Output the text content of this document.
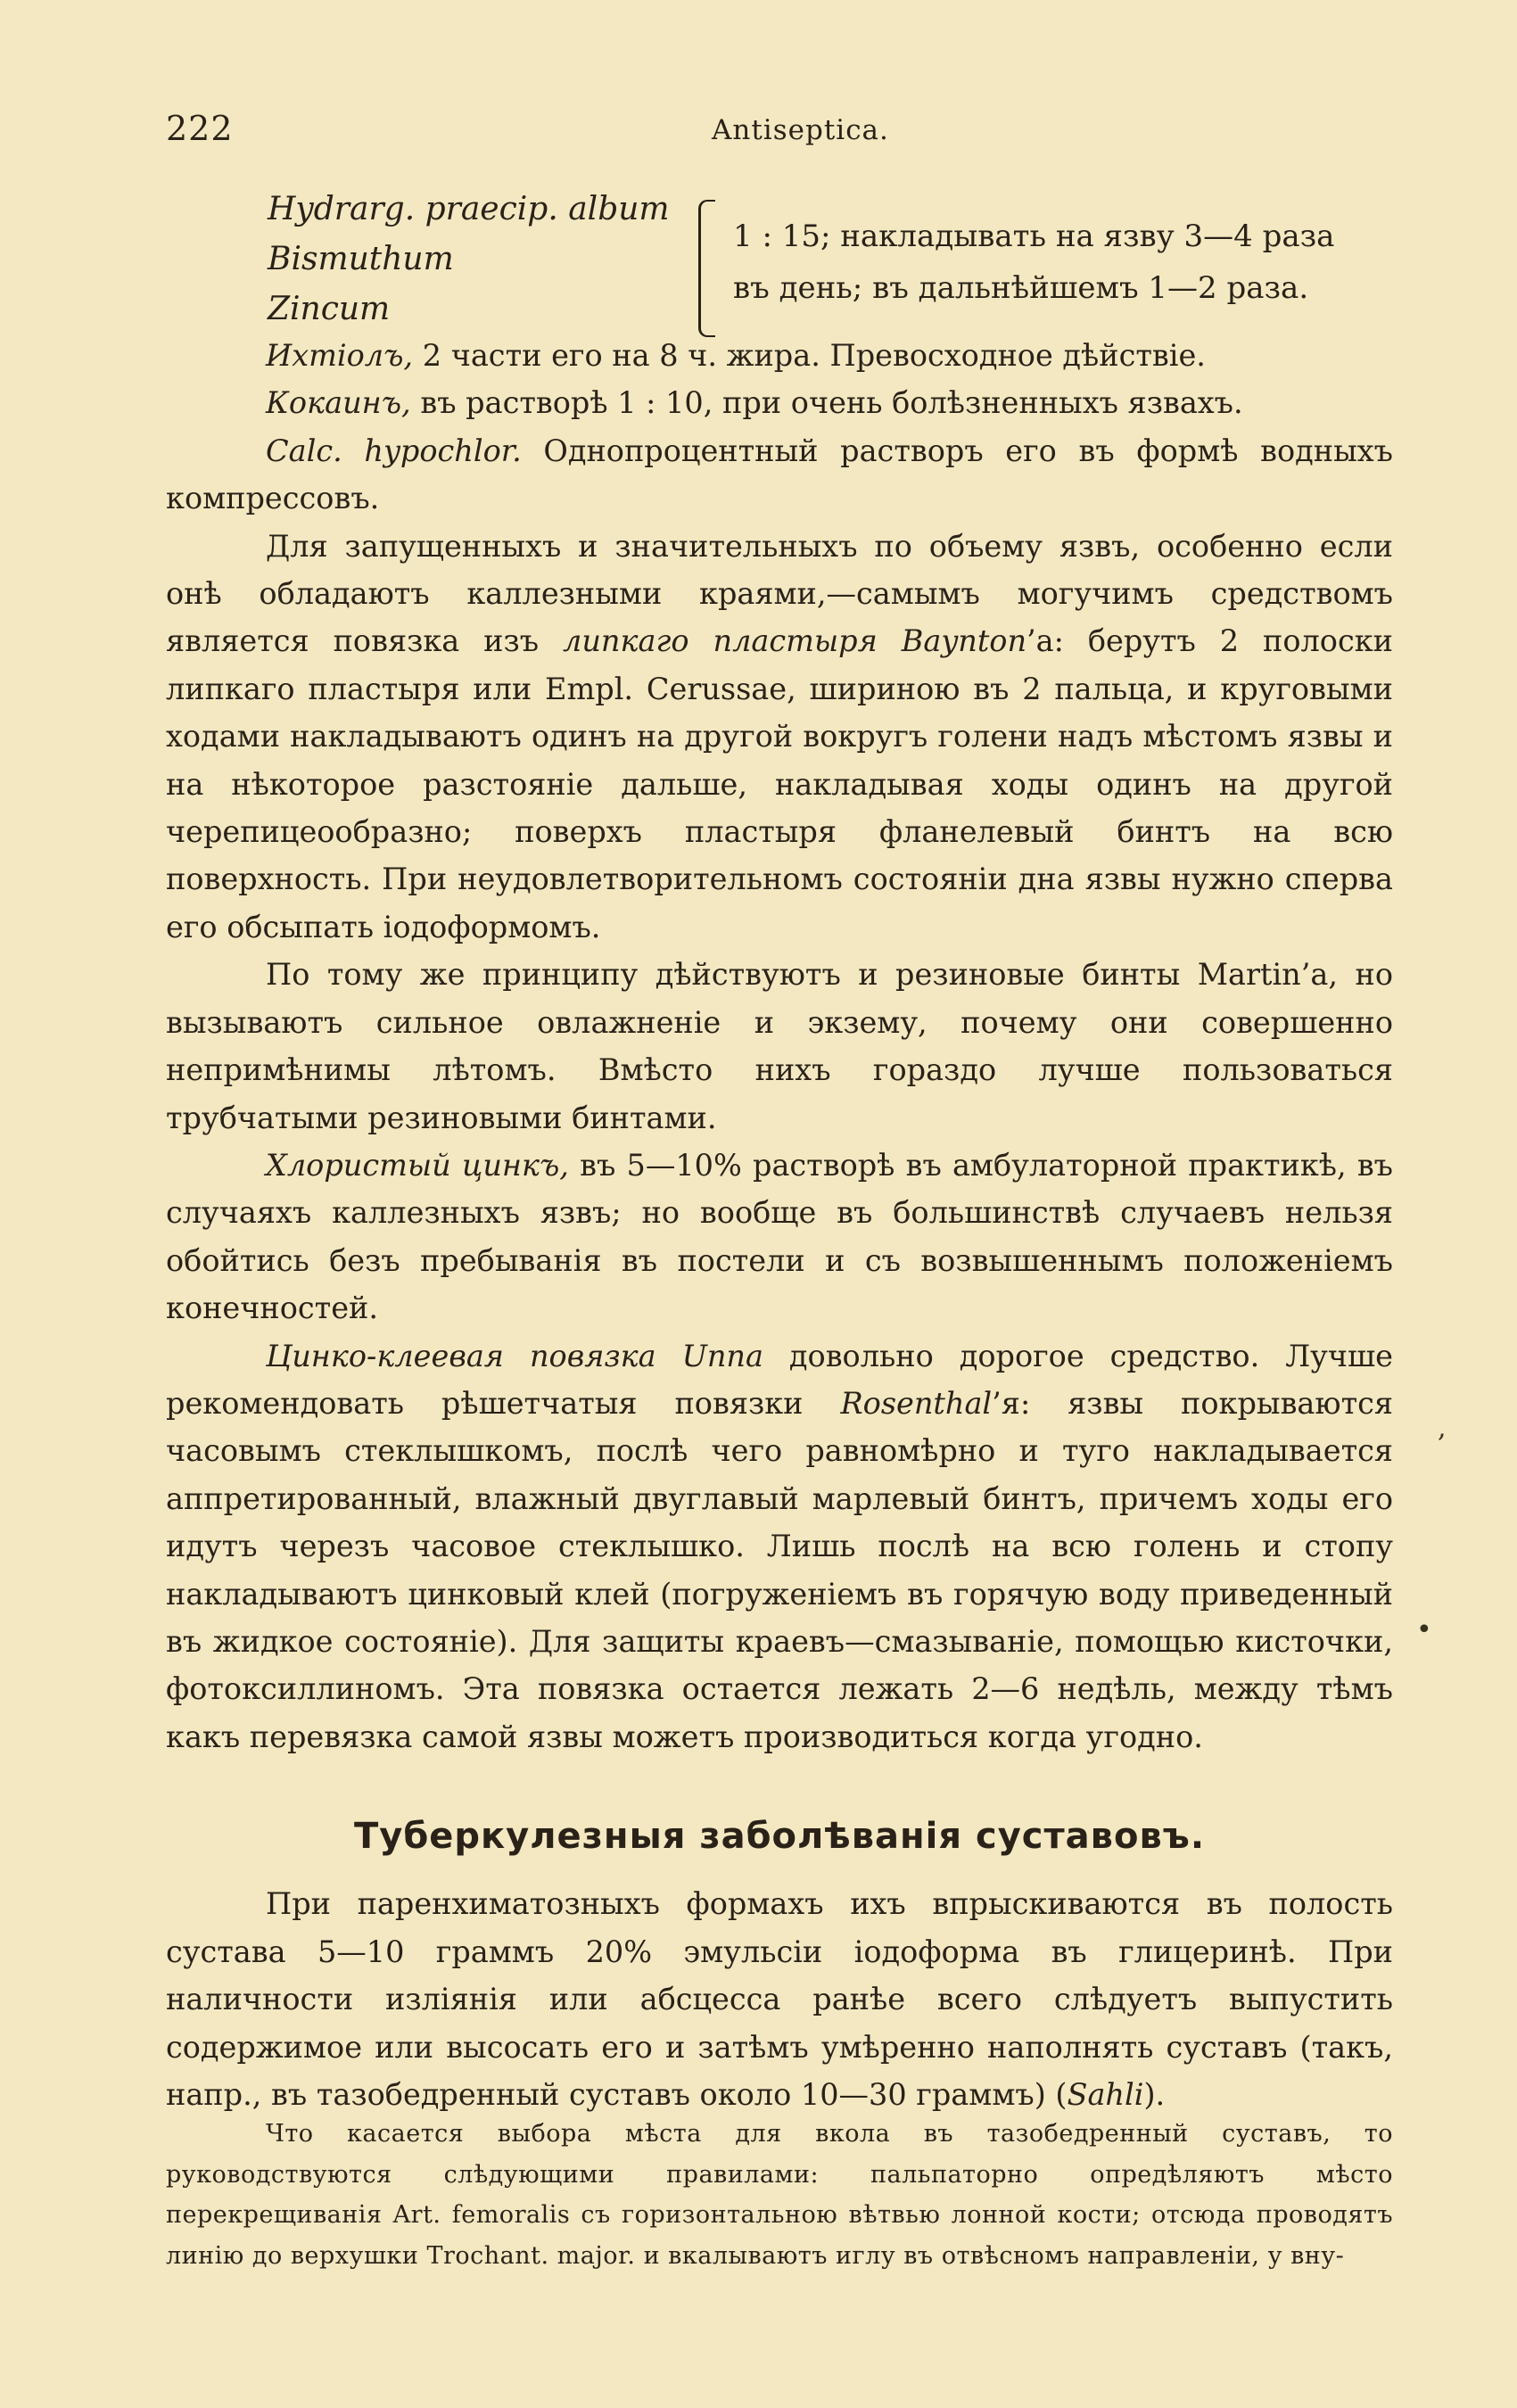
222	Antiseptica.
Hydrarg. praecip. album
Bismuthum
Zincum
1 : 15; накладывать на язву 3—4 раза
въ день; въ дальнѣйшемъ 1—2 раза.

Ихтіолъ, 2 части его на 8 ч. жира. Превосходное дѣйствіе.

Кокаинъ, въ растворѣ 1 : 10, при очень болѣзненныхъ язвахъ.

Calc. hypochlor. Однопроцентный растворъ его въ формѣ водныхъ компрессовъ.

Для запущенныхъ и значительныхъ по объему язвъ, особенно если онѣ обладаютъ каллезными краями,—самымъ могучимъ средствомъ является повязка изъ липкаго пластыря Baynton’а: берутъ 2 полоски липкаго пластыря или Empl. Cerussae, шириною въ 2 пальца, и круговыми ходами накладываютъ одинъ на другой вокругъ голени надъ мѣстомъ язвы и на нѣкоторое разстояніе дальше, накладывая ходы одинъ на другой черепицеообразно; поверхъ пластыря фланелевый бинтъ на всю поверхность. При неудовлетворительномъ состояніи дна язвы нужно сперва его обсыпать іодоформомъ.

По тому же принципу дѣйствуютъ и резиновые бинты Martin’a, но вызываютъ сильное овлажненіе и экзему, почему они совершенно непримѣнимы лѣтомъ. Вмѣсто нихъ гораздо лучше пользоваться трубчатыми резиновыми бинтами.

Хлористый цинкъ, въ 5—10% растворѣ въ амбулаторной практикѣ, въ случаяхъ каллезныхъ язвъ; но вообще въ большинствѣ случаевъ нельзя обойтись безъ пребыванія въ постели и съ возвышеннымъ положеніемъ конечностей.

Цинко-клеевая повязка Unna довольно дорогое средство. Лучше рекомендовать рѣшетчатыя повязки Rosenthal’я: язвы покрываются часовымъ стеклышкомъ, послѣ чего равномѣрно и туго накладывается аппретированный, влажный двуглавый марлевый бинтъ, причемъ ходы его идутъ черезъ часовое стеклышко. Лишь послѣ на всю голень и стопу накладываютъ цинковый клей (погруженіемъ въ горячую воду приведенный въ жидкое состояніе). Для защиты краевъ—смазываніе, помощью кисточки, фотоксиллиномъ. Эта повязка остается лежать 2—6 недѣль, между тѣмъ какъ перевязка самой язвы можетъ производиться когда угодно.

Туберкулезныя заболѣванія суставовъ.

При паренхиматозныхъ формахъ ихъ впрыскиваются въ полость сустава 5—10 граммъ 20% эмульсіи іодоформа въ глицеринѣ. При наличности изліянія или абсцесса ранѣе всего слѣдуетъ выпустить содержимое или высосать его и затѣмъ умѣренно наполнять суставъ (такъ, напр., въ тазобедренный суставъ около 10—30 граммъ) (Sahli).

Что касается выбора мѣста для вкола въ тазобедренный суставъ, то руководствуются слѣдующими правилами: пальпаторно опредѣляютъ мѣсто перекрещиванія Art. femoralis съ горизонтальною вѣтвью лонной кости; отсюда проводятъ линію до верхушки Trochant. major. и вкалываютъ иглу въ отвѣсномъ направленіи, у вну-

,
•
